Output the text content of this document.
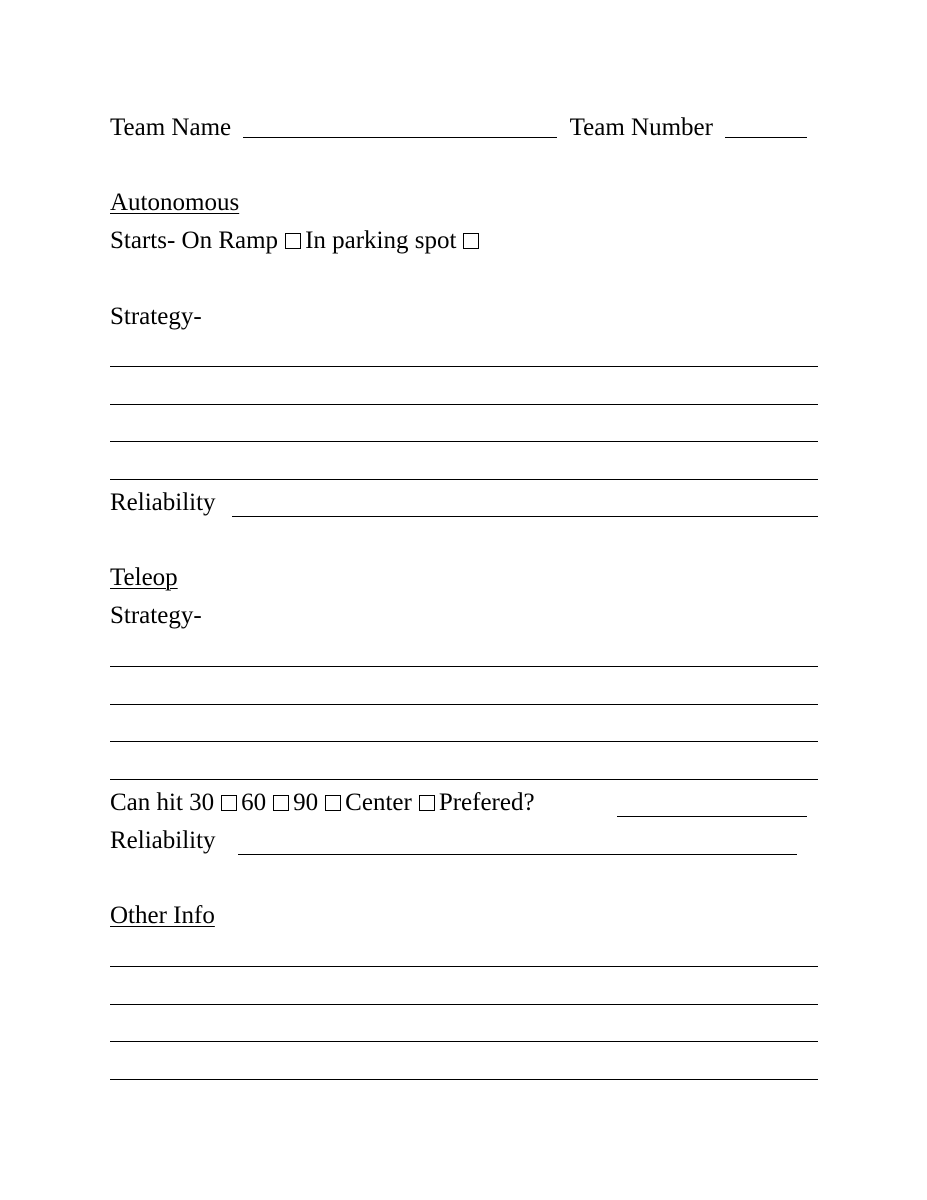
Team Name	Team Number
Autonomous
Starts- On Ramp In parking spot
Strategy-
Reliability
Teleop
Strategy-
Can hit 30 60 90 Center Prefered?
Reliability
Other Info
